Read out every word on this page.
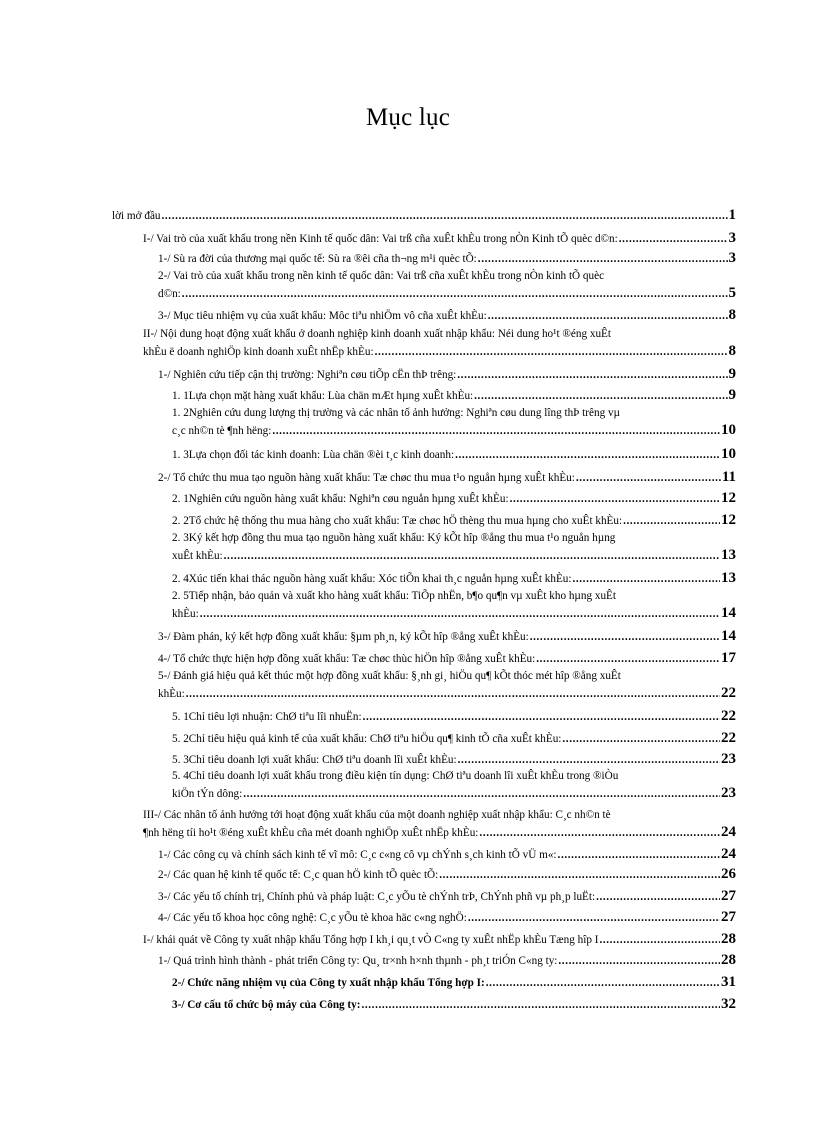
Mục lục
lời mở đầu .....	1
I-/ Vai trò của xuất khẩu trong nền Kinh tế quốc dân: Vai trß cña xuÊt khÈu trong nÒn Kinh tÕ quèc d©n: .....	3
1-/ Sù ra đời của thương mại quốc tế: Sù ra ®êi cña th¬ng m¹i quèc tÕ: .....	3
2-/ Vai trò của xuất khẩu trong nền kinh tế quốc dân: Vai trß cña xuÊt khÈu trong nÒn kinh tÕ quèc
d©n: .....	5
3-/ Mục tiêu nhiệm vụ của xuất khẩu: Môc tiªu nhiÖm vô cña xuÊt khÈu: .....	8
II-/ Nội dung hoạt động xuất khẩu ở doanh nghiệp kinh doanh xuất nhập khẩu: Néi dung ho¹t ®éng xuÊt
khÈu ë doanh nghiÖp kinh doanh xuÊt nhËp khÈu: .....	8
1-/ Nghiên cứu tiếp cận thị trường: Nghiªn cøu tiÕp cËn thÞ trêng: .....	9
1. 1Lựa chọn mặt hàng xuất khẩu: Lùa chän mÆt hµng xuÊt khÈu: .....	9
1. 2Nghiên cứu dung lượng thị trường và các nhân tố ảnh hưởng: Nghiªn cøu dung lîng thÞ trêng vµ
c¸c nh©n tè ¶nh hëng: .....	10
1. 3Lựa chọn đối tác kinh doanh: Lùa chän ®èi t¸c kinh doanh: .....	10
2-/ Tổ chức thu mua tạo nguồn hàng xuất khẩu: Tæ chøc thu mua t¹o nguån hµng xuÊt khÈu: .....	11
2. 1Nghiên cứu nguồn hàng xuất khẩu: Nghiªn cøu nguån hµng xuÊt khÈu: .....	12
2. 2Tổ chức hệ thống thu mua hàng cho xuất khẩu: Tæ chøc hÖ thèng thu mua hµng cho xuÊt khÈu: .....	12
2. 3Ký kết hợp đồng thu mua tạo nguồn hàng xuất khẩu: Ký kÕt hîp ®ång thu mua t¹o nguån hµng
xuÊt khÈu: .....	13
2. 4Xúc tiến khai thác nguồn hàng xuất khẩu: Xóc tiÕn khai th¸c nguån hµng xuÊt khÈu: .....	13
2. 5Tiếp nhận, bảo quản và xuất kho hàng xuất khẩu: TiÕp nhËn, b¶o qu¶n vµ xuÊt kho hµng xuÊt
khÈu: .....	14
3-/ Đàm phán, ký kết hợp đồng xuất khẩu: §µm ph¸n, ký kÕt hîp ®ång xuÊt khÈu: .....	14
4-/ Tổ chức thực hiện hợp đồng xuất khẩu: Tæ chøc thùc hiÖn hîp ®ång xuÊt khÈu: .....	17
5-/ Đánh giá hiệu quả kết thúc một hợp đồng xuất khẩu: §¸nh gi¸ hiÖu qu¶ kÕt thóc mét hîp ®ång xuÊt
khÈu: .....	22
5. 1Chỉ tiêu lợi nhuận: ChØ tiªu lîi nhuËn: .....	22
5. 2Chỉ tiêu hiệu quả kinh tế của xuất khẩu: ChØ tiªu hiÖu qu¶ kinh tÕ cña xuÊt khÈu: .....	22
5. 3Chỉ tiêu doanh lợi xuất khẩu: ChØ tiªu doanh lîi xuÊt khÈu: .....	23
5. 4Chỉ tiêu doanh lợi xuất khẩu trong điều kiện tín dụng: ChØ tiªu doanh lîi xuÊt khÈu trong ®iÒu
kiÖn tÝn dông: .....	23
III-/ Các nhân tố ảnh hưởng tới hoạt động xuất khẩu của một doanh nghiệp xuất nhập khẩu: C¸c nh©n tè
¶nh hëng tíi ho¹t ®éng xuÊt khÈu cña mét doanh nghiÖp xuÊt nhËp khÈu: .....	24
1-/ Các công cụ và chính sách kinh tế vĩ mô: C¸c c«ng cô vµ chÝnh s¸ch kinh tÕ vÜ m«: .....	24
2-/ Các quan hệ kinh tế quốc tế: C¸c quan hÖ kinh tÕ quèc tÕ: .....	26
3-/ Các yếu tố chính trị, Chính phủ và pháp luật: C¸c yÕu tè chÝnh trÞ, ChÝnh phñ vµ ph¸p luËt: .....	27
4-/ Các yếu tố khoa học công nghệ: C¸c yÕu tè khoa häc c«ng nghÖ: .....	27
I-/ khái quát về Công ty xuất nhập khẩu Tổng hợp I kh¸i qu¸t vÒ C«ng ty xuÊt nhËp khÈu Tæng hîp I .....	28
1-/ Quá trình hình thành - phát triển Công ty: Qu¸ tr×nh h×nh thµnh - ph¸t triÓn C«ng ty: .....	28
2-/ Chức năng nhiệm vụ của Công ty xuất nhập khẩu Tổng hợp I: .....	31
3-/ Cơ cấu tổ chức bộ máy của Công ty: .....	32
